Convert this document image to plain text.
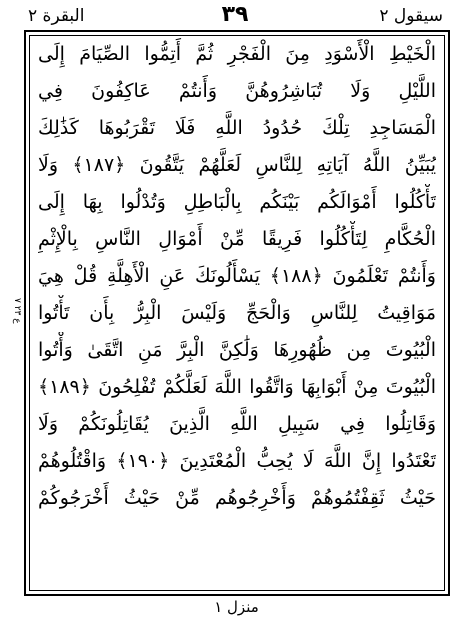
البقرة ٢	٣٩	سيقول ٢
ع ٢٣ ٧
الْخَيْطِ الْأَسْوَدِ مِنَ الْفَجْرِ ثُمَّ أَتِمُّوا الصِّيَامَ إِلَى
اللَّيْلِ وَلَا تُبَاشِرُوهُنَّ وَأَنتُمْ عَاكِفُونَ فِي
الْمَسَاجِدِ تِلْكَ حُدُودُ اللَّهِ فَلَا تَقْرَبُوهَا كَذَٰلِكَ
يُبَيِّنُ اللَّهُ آيَاتِهِ لِلنَّاسِ لَعَلَّهُمْ يَتَّقُونَ ﴿١٨٧﴾ وَلَا
تَأْكُلُوا أَمْوَالَكُم بَيْنَكُم بِالْبَاطِلِ وَتُدْلُوا بِهَا إِلَى
الْحُكَّامِ لِتَأْكُلُوا فَرِيقًا مِّنْ أَمْوَالِ النَّاسِ بِالْإِثْمِ
وَأَنتُمْ تَعْلَمُونَ ﴿١٨٨﴾ يَسْأَلُونَكَ عَنِ الْأَهِلَّةِ قُلْ هِيَ
مَوَاقِيتُ لِلنَّاسِ وَالْحَجِّ وَلَيْسَ الْبِرُّ بِأَن تَأْتُوا
الْبُيُوتَ مِن ظُهُورِهَا وَلَٰكِنَّ الْبِرَّ مَنِ اتَّقَىٰ وَأْتُوا
الْبُيُوتَ مِنْ أَبْوَابِهَا وَاتَّقُوا اللَّهَ لَعَلَّكُمْ تُفْلِحُونَ ﴿١٨٩﴾
وَقَاتِلُوا فِي سَبِيلِ اللَّهِ الَّذِينَ يُقَاتِلُونَكُمْ وَلَا
تَعْتَدُوا إِنَّ اللَّهَ لَا يُحِبُّ الْمُعْتَدِينَ ﴿١٩٠﴾ وَاقْتُلُوهُمْ
حَيْثُ ثَقِفْتُمُوهُمْ وَأَخْرِجُوهُم مِّنْ حَيْثُ أَخْرَجُوكُمْ
منزل ١
